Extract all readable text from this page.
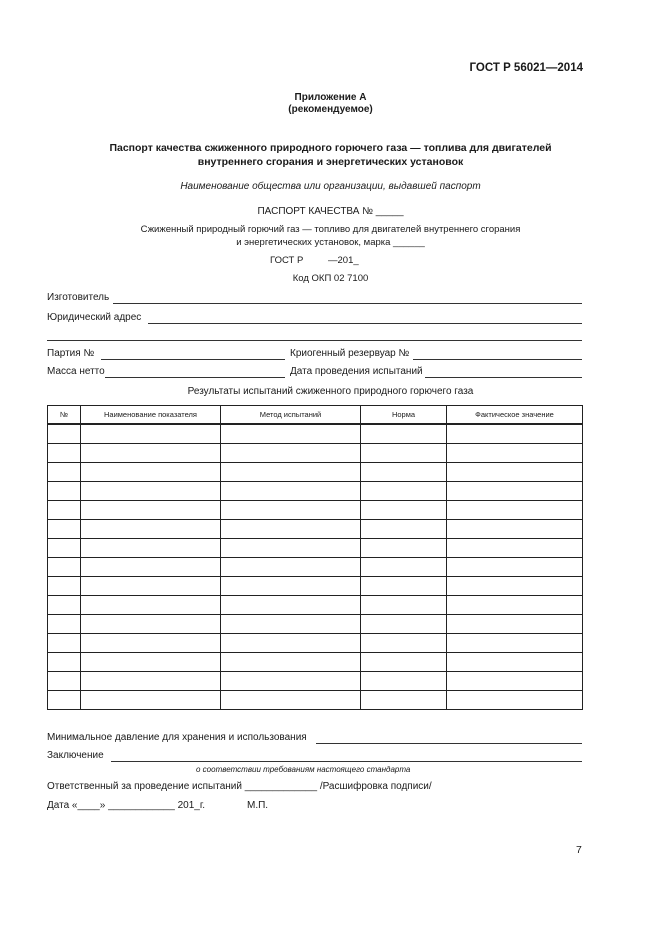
ГОСТ Р 56021—2014
Приложение А
(рекомендуемое)
Паспорт качества сжиженного природного горючего газа — топлива для двигателей
внутреннего сгорания и энергетических установок
Наименование общества или организации, выдавшей паспорт
ПАСПОРТ КАЧЕСТВА № _____
Сжиженный природный горючий газ — топливо для двигателей внутреннего сгорания
и энергетических установок, марка ______
ГОСТ Р	—201_
Код ОКП 02 7100
Изготовитель
Юридический адрес
Партия №	Криогенный резервуар №
Масса нетто	Дата проведения испытаний
Результаты испытаний сжиженного природного горючего газа
№	Наименование показателя	Метод испытаний	Норма	Фактическое значение

Минимальное давление для хранения и использования
Заключение
о соответствии требованиям настоящего стандарта
Ответственный за проведение испытаний _____________ /Расшифровка подписи/
Дата «____» ____________ 201_г.	М.П.
7
